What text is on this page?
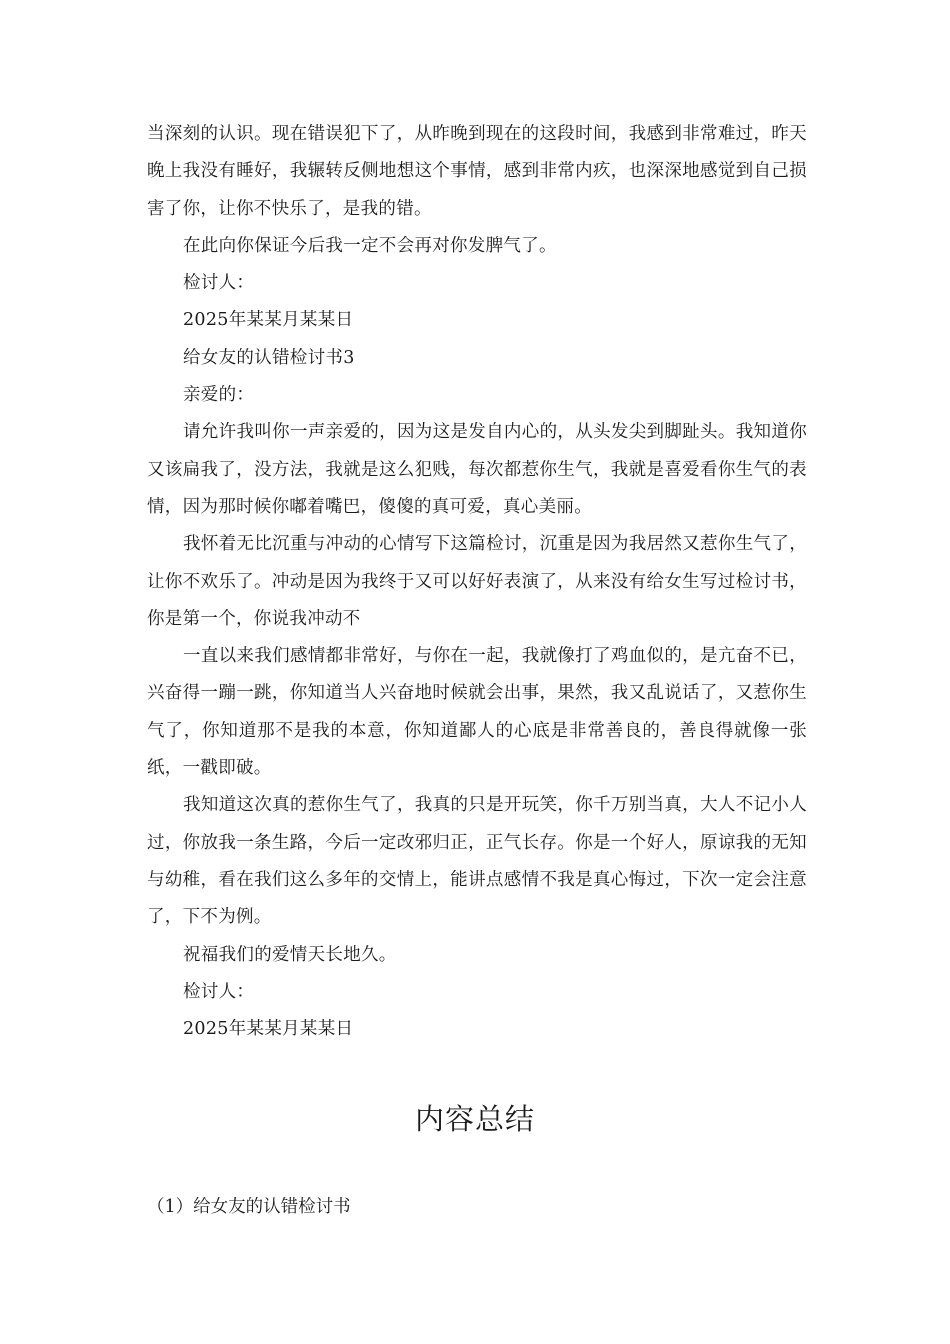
当深刻的认识。现在错误犯下了，从昨晚到现在的这段时间，我感到非常难过，昨天晚上我没有睡好，我辗转反侧地想这个事情，感到非常内疚，也深深地感觉到自己损害了你，让你不快乐了，是我的错。

在此向你保证今后我一定不会再对你发脾气了。

检讨人：

2025年某某月某某日

给女友的认错检讨书3

亲爱的：

请允许我叫你一声亲爱的，因为这是发自内心的，从头发尖到脚趾头。我知道你又该扁我了，没方法，我就是这么犯贱，每次都惹你生气，我就是喜爱看你生气的表情，因为那时候你嘟着嘴巴，傻傻的真可爱，真心美丽。

我怀着无比沉重与冲动的心情写下这篇检讨，沉重是因为我居然又惹你生气了，让你不欢乐了。冲动是因为我终于又可以好好表演了，从来没有给女生写过检讨书，你是第一个，你说我冲动不

一直以来我们感情都非常好，与你在一起，我就像打了鸡血似的，是亢奋不已，兴奋得一蹦一跳，你知道当人兴奋地时候就会出事，果然，我又乱说话了，又惹你生气了，你知道那不是我的本意，你知道鄙人的心底是非常善良的，善良得就像一张纸，一戳即破。

我知道这次真的惹你生气了，我真的只是开玩笑，你千万别当真，大人不记小人过，你放我一条生路，今后一定改邪归正，正气长存。你是一个好人，原谅我的无知与幼稚，看在我们这么多年的交情上，能讲点感情不我是真心悔过，下次一定会注意了，下不为例。

祝福我们的爱情天长地久。

检讨人：

2025年某某月某某日

内容总结

（1）给女友的认错检讨书
